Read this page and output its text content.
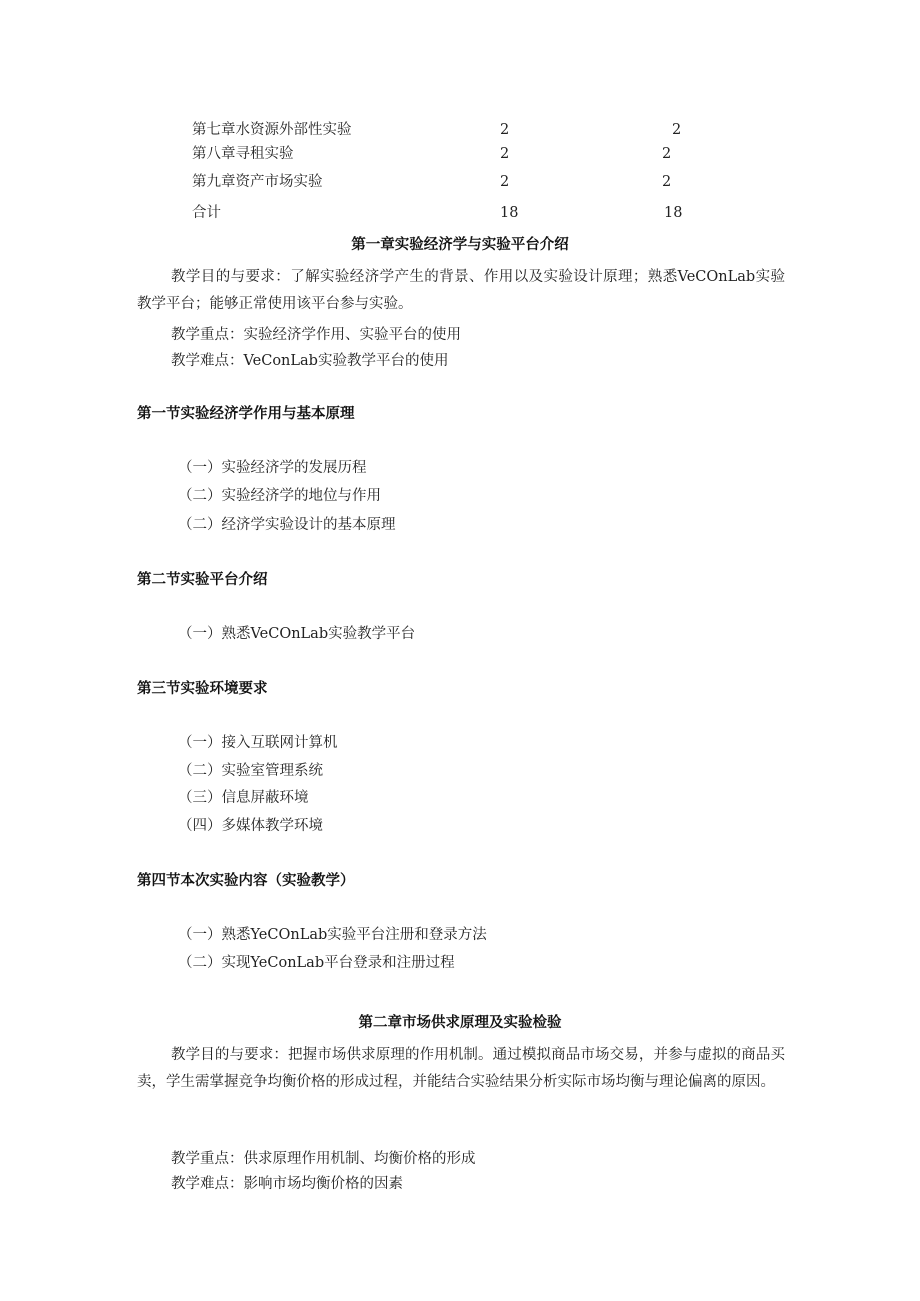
第七章水资源外部性实验	2	2
第八章寻租实验	2	2
第九章资产市场实验	2	2
合计	18	18
第一章实验经济学与实验平台介绍
教学目的与要求：了解实验经济学产生的背景、作用以及实验设计原理；熟悉VeCOnLab实验教学平台；能够正常使用该平台参与实验。
教学重点：实验经济学作用、实验平台的使用
教学难点：VeConLab实验教学平台的使用
第一节实验经济学作用与基本原理
（一）实验经济学的发展历程
（二）实验经济学的地位与作用
（二）经济学实验设计的基本原理
第二节实验平台介绍
（一）熟悉VeCOnLab实验教学平台
第三节实验环境要求
（一）接入互联网计算机
（二）实验室管理系统
（三）信息屏蔽环境
（四）多媒体教学环境
第四节本次实验内容（实验教学）
（一）熟悉YeCOnLab实验平台注册和登录方法
（二）实现YeConLab平台登录和注册过程
第二章市场供求原理及实验检验
教学目的与要求：把握市场供求原理的作用机制。通过模拟商品市场交易，并参与虚拟的商品买卖，学生需掌握竞争均衡价格的形成过程，并能结合实验结果分析实际市场均衡与理论偏离的原因。
教学重点：供求原理作用机制、均衡价格的形成
教学难点：影响市场均衡价格的因素
